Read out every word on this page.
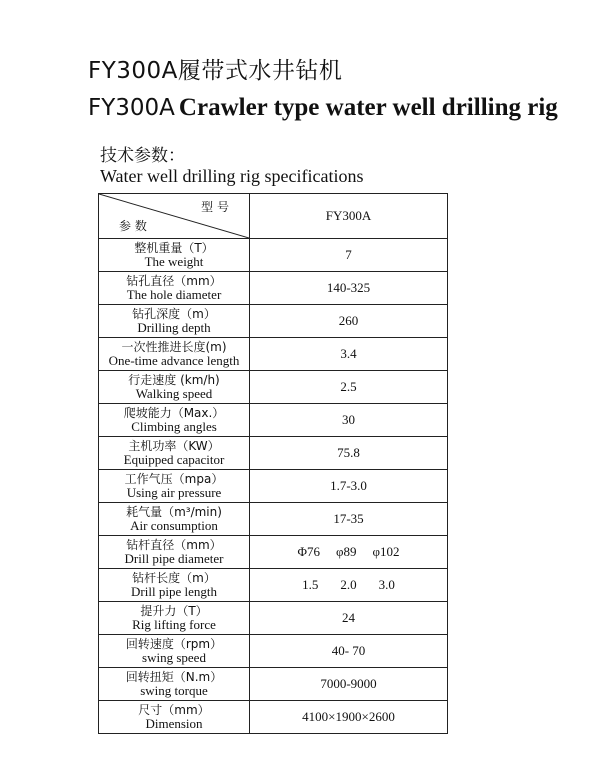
FY300A履带式水井钻机
FY300A Crawler type water well drilling rig
技术参数：
Water well drilling rig specifications
型 号
参 数	FY300A

整机重量（T）
The weight	7

钻孔直径（mm）
The hole diameter	140-325

钻孔深度（m）
Drilling depth	260

一次性推进长度(m)
One-time advance length	3.4

行走速度 (km/h)
Walking speed	2.5

爬坡能力（Max.）
Climbing angles	30

主机功率（KW）
Equipped capacitor	75.8

工作气压（mpa）
Using air pressure	1.7-3.0

耗气量（m³/min)
Air consumption	17-35

钻杆直径（mm）
Drill pipe diameter	Φ76 φ89 φ102

钻杆长度（m）
Drill pipe length	1.5 2.0 3.0

提升力（T）
Rig lifting force	24

回转速度（rpm）
swing speed	40- 70

回转扭矩（N.m）
swing torque	7000-9000

尺寸（mm）
Dimension	4100×1900×2600
